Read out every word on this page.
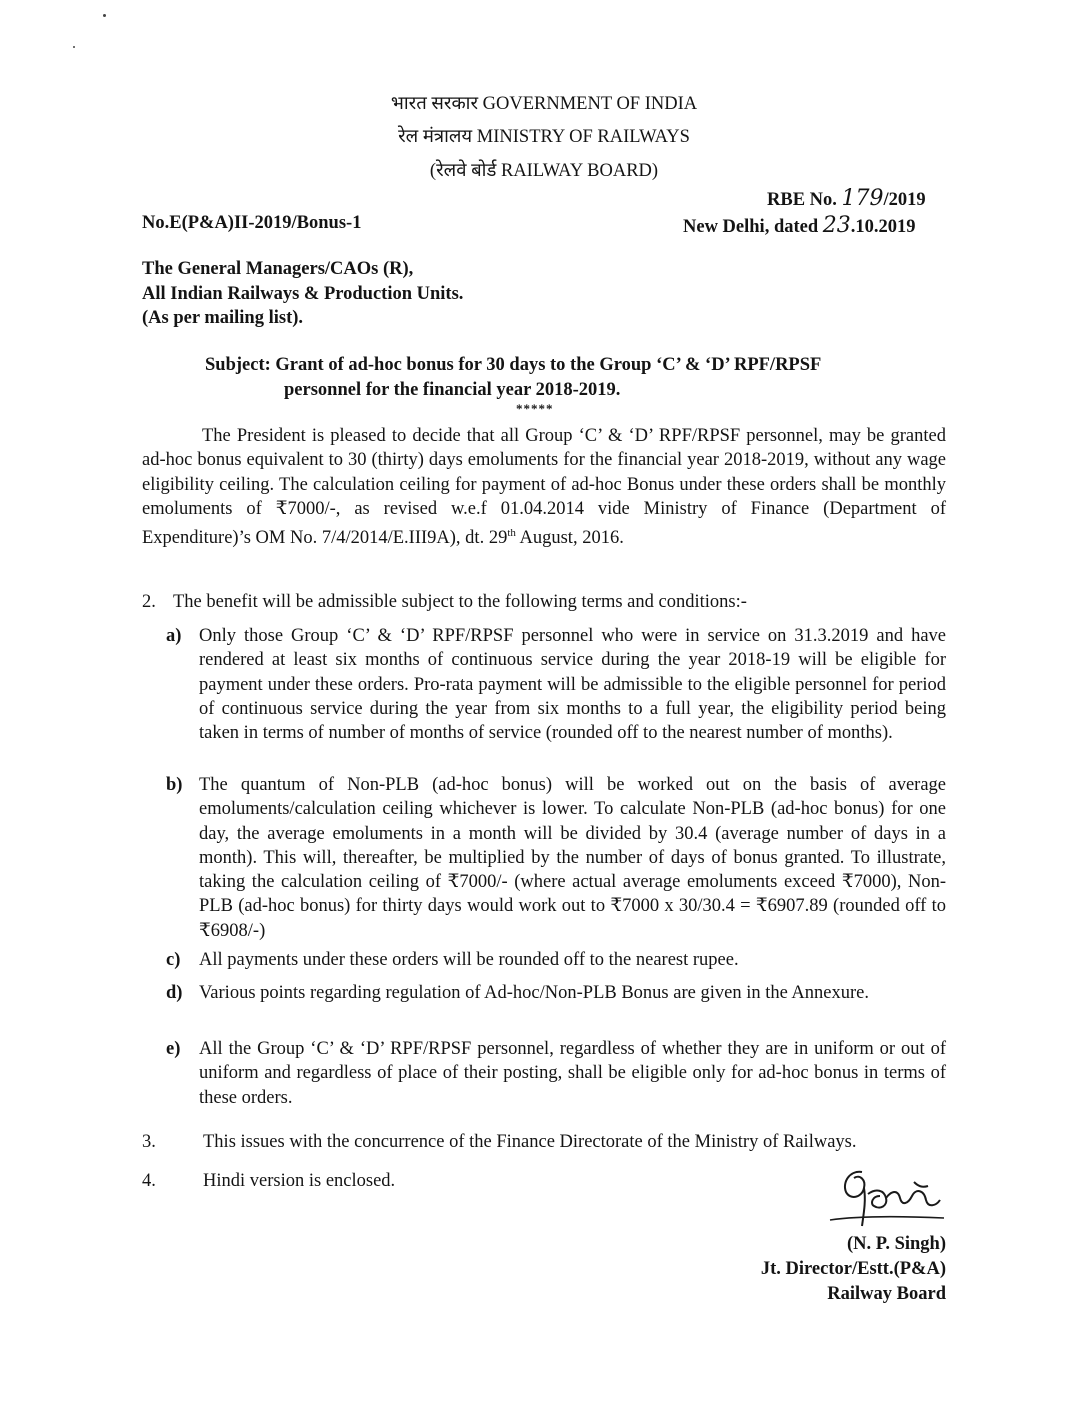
भारत सरकार GOVERNMENT OF INDIA
रेल मंत्रालय MINISTRY OF RAILWAYS
(रेलवे बोर्ड RAILWAY BOARD)
RBE No. 179/2019
No.E(P&A)II-2019/Bonus-1	New Delhi, dated 23.10.2019
The General Managers/CAOs (R),
All Indian Railways & Production Units.
(As per mailing list).
Subject: Grant of ad-hoc bonus for 30 days to the Group ‘C’ & ‘D’ RPF/RPSF
personnel for the financial year 2018-2019.
*****
The President is pleased to decide that all Group ‘C’ & ‘D’ RPF/RPSF personnel, may be granted ad-hoc bonus equivalent to 30 (thirty) days emoluments for the financial year 2018-2019, without any wage eligibility ceiling. The calculation ceiling for payment of ad-hoc Bonus under these orders shall be monthly emoluments of ₹7000/-, as revised w.e.f 01.04.2014 vide Ministry of Finance (Department of Expenditure)’s OM No. 7/4/2014/E.III9A), dt. 29th August, 2016.
2. The benefit will be admissible subject to the following terms and conditions:-
a) Only those Group ‘C’ & ‘D’ RPF/RPSF personnel who were in service on 31.3.2019 and have rendered at least six months of continuous service during the year 2018-19 will be eligible for payment under these orders. Pro-rata payment will be admissible to the eligible personnel for period of continuous service during the year from six months to a full year, the eligibility period being taken in terms of number of months of service (rounded off to the nearest number of months).
b) The quantum of Non-PLB (ad-hoc bonus) will be worked out on the basis of average emoluments/calculation ceiling whichever is lower. To calculate Non-PLB (ad-hoc bonus) for one day, the average emoluments in a month will be divided by 30.4 (average number of days in a month). This will, thereafter, be multiplied by the number of days of bonus granted. To illustrate, taking the calculation ceiling of ₹7000/- (where actual average emoluments exceed ₹7000), Non-PLB (ad-hoc bonus) for thirty days would work out to ₹7000 x 30/30.4 = ₹6907.89 (rounded off to ₹6908/-)
c) All payments under these orders will be rounded off to the nearest rupee.
d) Various points regarding regulation of Ad-hoc/Non-PLB Bonus are given in the Annexure.
e) All the Group ‘C’ & ‘D’ RPF/RPSF personnel, regardless of whether they are in uniform or out of uniform and regardless of place of their posting, shall be eligible only for ad-hoc bonus in terms of these orders.
3.	This issues with the concurrence of the Finance Directorate of the Ministry of Railways.
4.	Hindi version is enclosed.
(N. P. Singh)
Jt. Director/Estt.(P&A)
Railway Board
